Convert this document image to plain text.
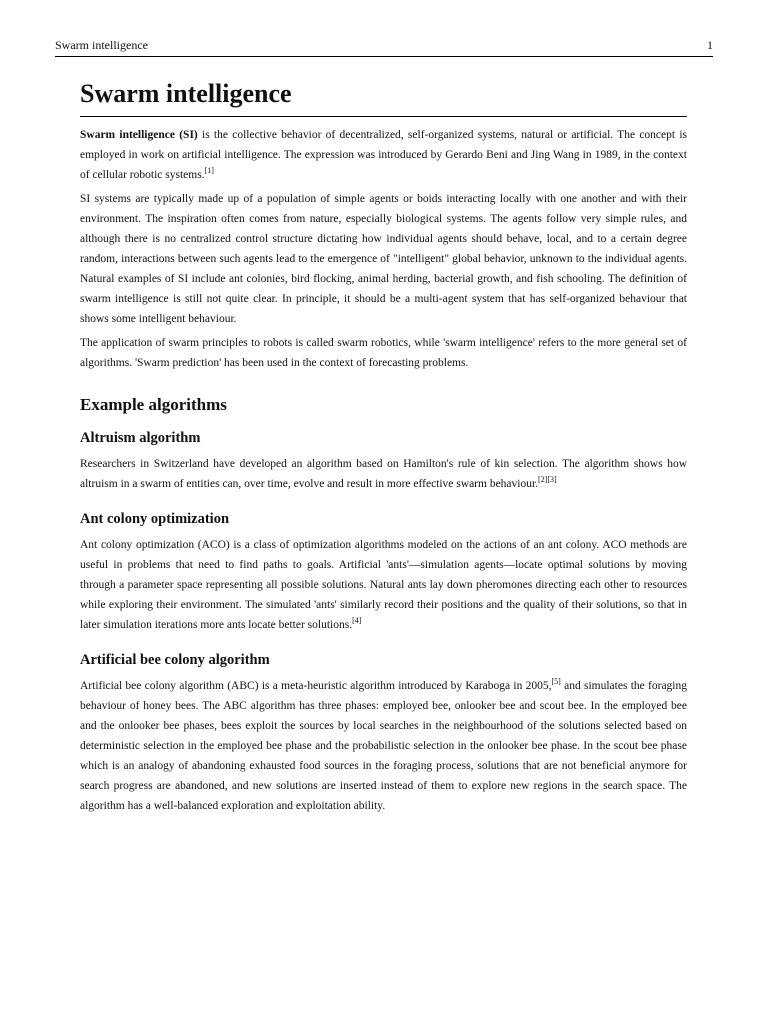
Swarm intelligence	1
Swarm intelligence

Swarm intelligence (SI) is the collective behavior of decentralized, self-organized systems, natural or artificial. The concept is employed in work on artificial intelligence. The expression was introduced by Gerardo Beni and Jing Wang in 1989, in the context of cellular robotic systems.[1]

SI systems are typically made up of a population of simple agents or boids interacting locally with one another and with their environment. The inspiration often comes from nature, especially biological systems. The agents follow very simple rules, and although there is no centralized control structure dictating how individual agents should behave, local, and to a certain degree random, interactions between such agents lead to the emergence of "intelligent" global behavior, unknown to the individual agents. Natural examples of SI include ant colonies, bird flocking, animal herding, bacterial growth, and fish schooling. The definition of swarm intelligence is still not quite clear. In principle, it should be a multi-agent system that has self-organized behaviour that shows some intelligent behaviour.

The application of swarm principles to robots is called swarm robotics, while 'swarm intelligence' refers to the more general set of algorithms. 'Swarm prediction' has been used in the context of forecasting problems.

Example algorithms
Altruism algorithm

Researchers in Switzerland have developed an algorithm based on Hamilton's rule of kin selection. The algorithm shows how altruism in a swarm of entities can, over time, evolve and result in more effective swarm behaviour.[2][3]

Ant colony optimization

Ant colony optimization (ACO) is a class of optimization algorithms modeled on the actions of an ant colony. ACO methods are useful in problems that need to find paths to goals. Artificial 'ants'—simulation agents—locate optimal solutions by moving through a parameter space representing all possible solutions. Natural ants lay down pheromones directing each other to resources while exploring their environment. The simulated 'ants' similarly record their positions and the quality of their solutions, so that in later simulation iterations more ants locate better solutions.[4]

Artificial bee colony algorithm

Artificial bee colony algorithm (ABC) is a meta-heuristic algorithm introduced by Karaboga in 2005,[5] and simulates the foraging behaviour of honey bees. The ABC algorithm has three phases: employed bee, onlooker bee and scout bee. In the employed bee and the onlooker bee phases, bees exploit the sources by local searches in the neighbourhood of the solutions selected based on deterministic selection in the employed bee phase and the probabilistic selection in the onlooker bee phase. In the scout bee phase which is an analogy of abandoning exhausted food sources in the foraging process, solutions that are not beneficial anymore for search progress are abandoned, and new solutions are inserted instead of them to explore new regions in the search space. The algorithm has a well-balanced exploration and exploitation ability.
